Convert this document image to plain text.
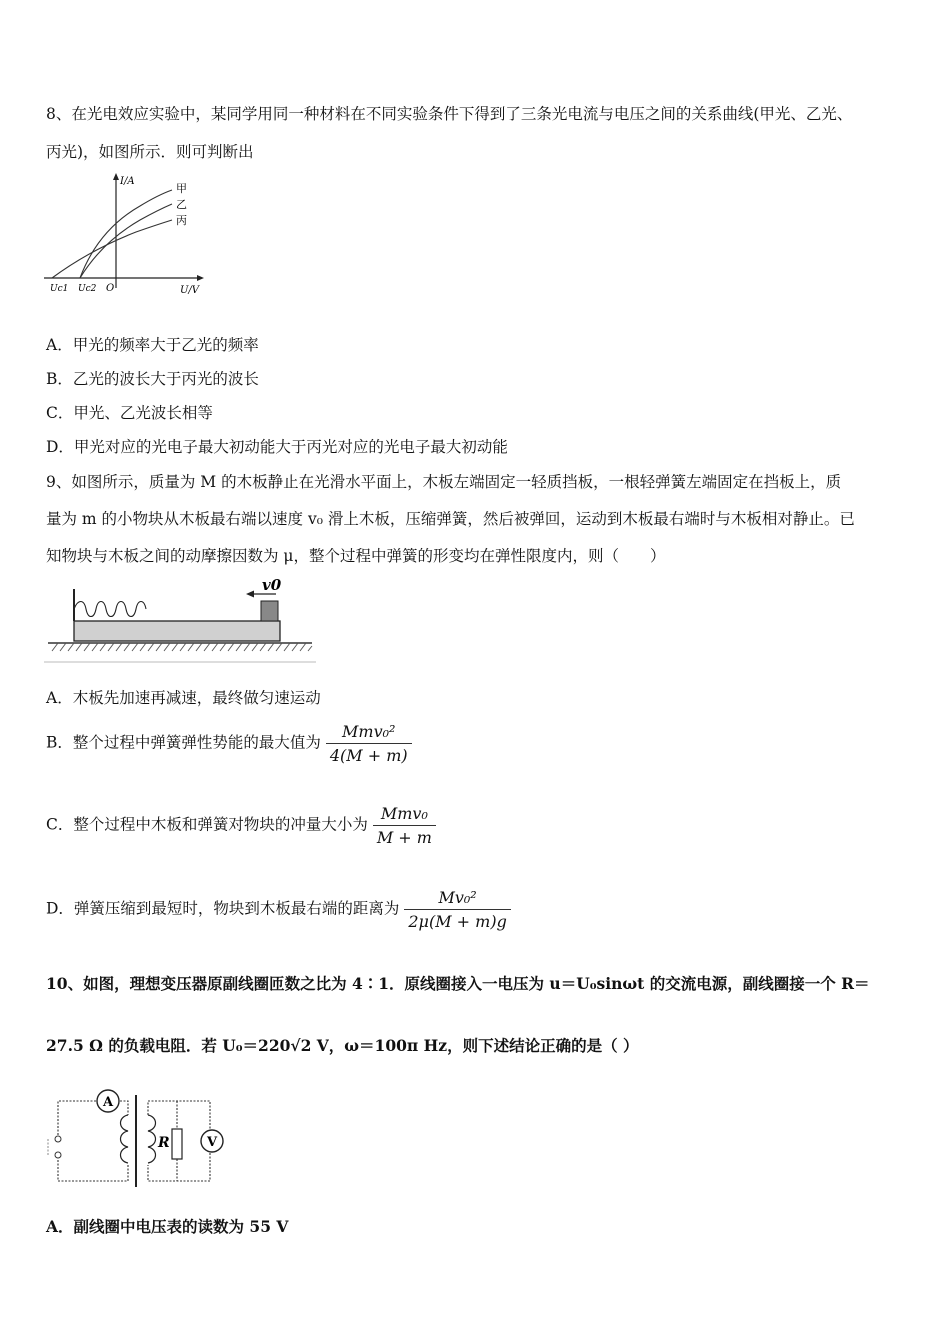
8、在光电效应实验中，某同学用同一种材料在不同实验条件下得到了三条光电流与电压之间的关系曲线(甲光、乙光、
丙光)，如图所示．则可判断出
I/A
甲
乙
丙
Uc1 Uc2 O	U/V
A．甲光的频率大于乙光的频率
B．乙光的波长大于丙光的波长
C．甲光、乙光波长相等
D．甲光对应的光电子最大初动能大于丙光对应的光电子最大初动能
9、如图所示，质量为 M 的木板静止在光滑水平面上，木板左端固定一轻质挡板，一根轻弹簧左端固定在挡板上，质
量为 m 的小物块从木板最右端以速度 v₀ 滑上木板，压缩弹簧，然后被弹回，运动到木板最右端时与木板相对静止。已
知物块与木板之间的动摩擦因数为 μ，整个过程中弹簧的形变均在弹性限度内，则（　　）
v0
A．木板先加速再减速，最终做匀速运动
B．整个过程中弹簧弹性势能的最大值为 $\frac{\text{Mmv₀²}}{4(M + m)}$
C．整个过程中木板和弹簧对物块的冲量大小为 $\frac{\text{Mmv₀}}{M + m}$
D．弹簧压缩到最短时，物块到木板最右端的距离为 $\frac{\text{Mv₀²}}{2\mu(M + m)g}$
10、如图，理想变压器原副线圈匝数之比为 4∶1．原线圈接入一电压为 u＝U₀sinωt 的交流电源，副线圈接一个 R＝
27.5 Ω 的负载电阻．若 U₀＝220√2 V，ω＝100π Hz，则下述结论正确的是（ ）
A
R	V
A．副线圈中电压表的读数为 55 V
